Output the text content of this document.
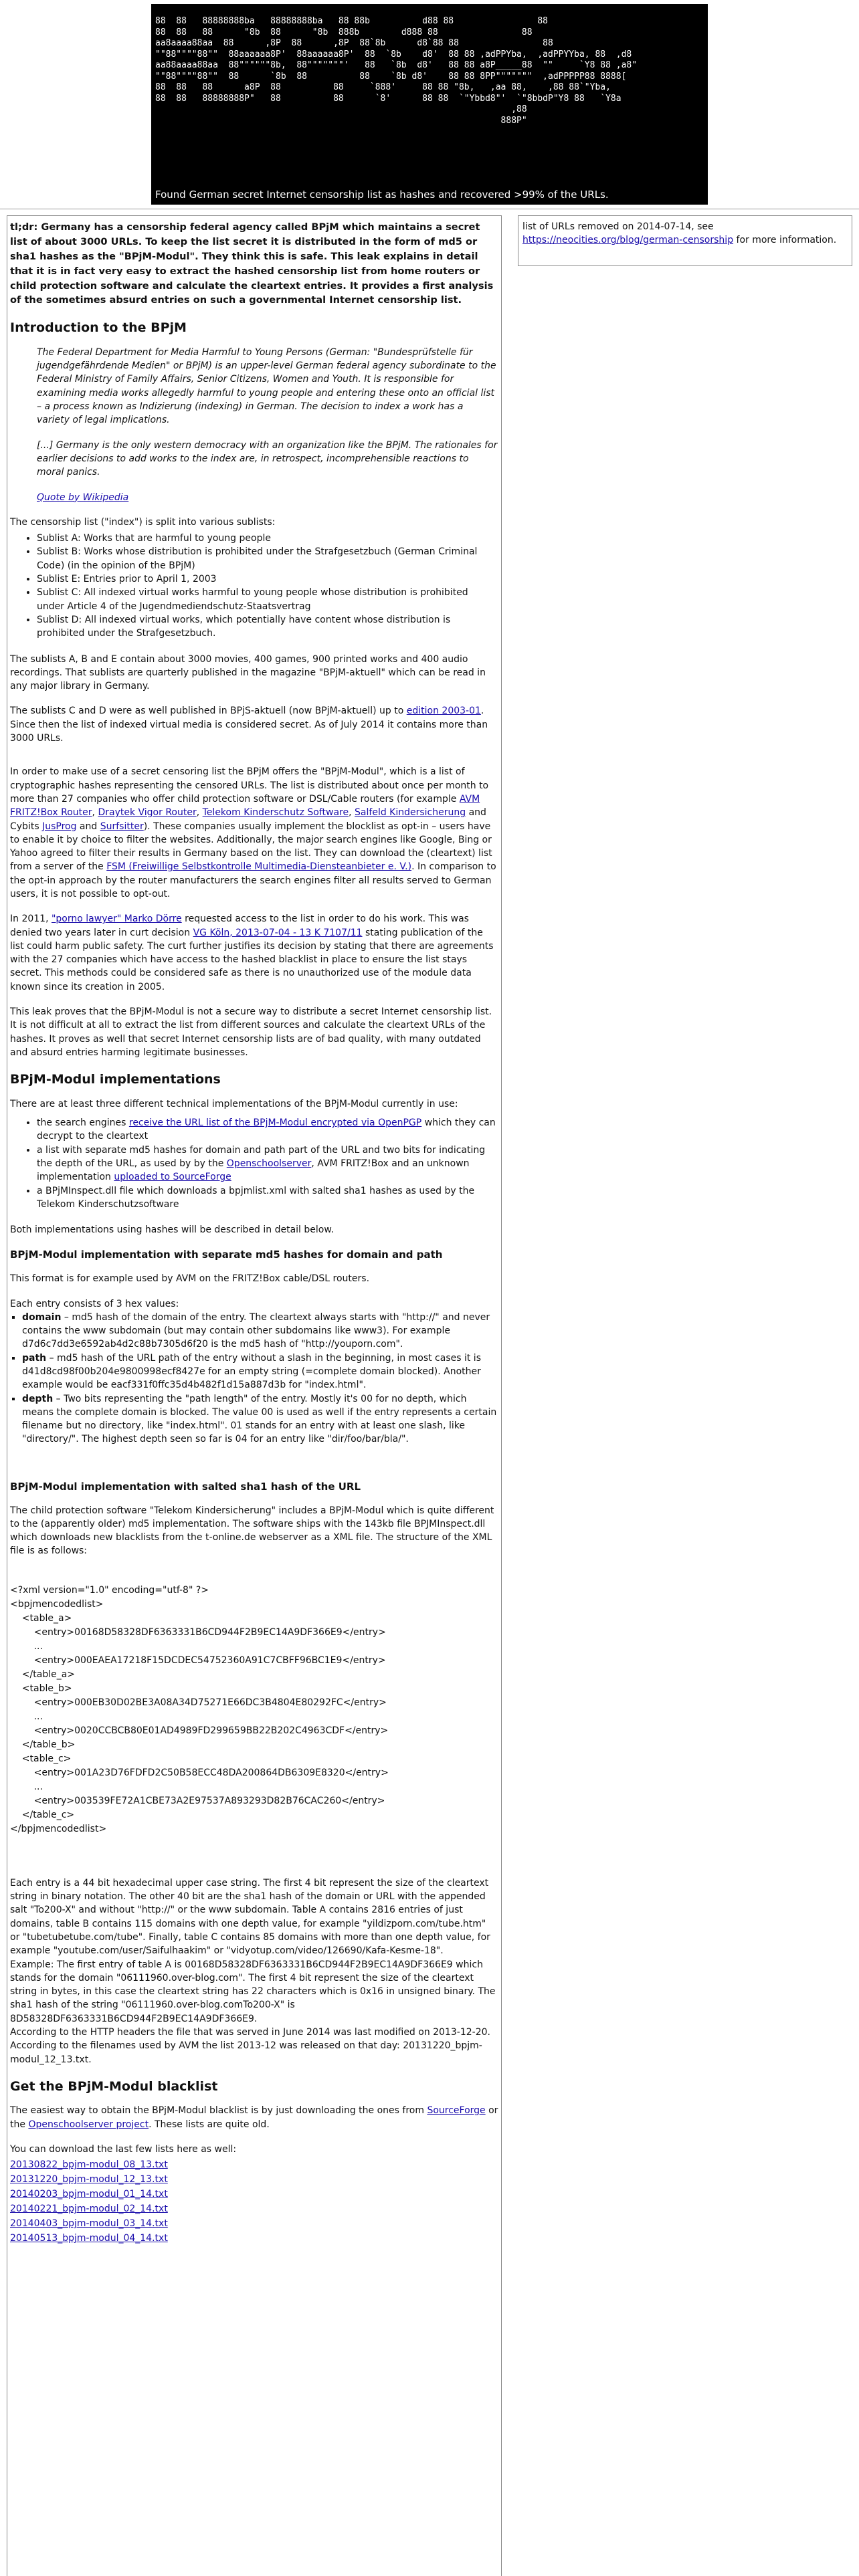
88  88   88888888ba   88888888ba   88 88b          d88 88                88
88  88   88      "8b  88      "8b  888b        d888 88                88
aa8aaaa88aa  88      ,8P  88      ,8P  88`8b      d8`88 88                88
""88""""88""  88aaaaaa8P'  88aaaaaa8P'  88  `8b    d8'  88 88 ,adPPYba,  ,adPPYYba, 88  ,d8
aa88aaaa88aa  88""""""8b,  88"""""""'   88   `8b  d8'   88 88 a8P_____88  ""     `Y8 88 ,a8"
""88""""88""  88      `8b  88          88    `8b d8'    88 88 8PP"""""""  ,adPPPPP88 8888[
88  88   88      a8P  88          88     `888'     88 88 "8b,   ,aa 88,    ,88 88`"Yba,
88  88   88888888P"   88          88      `8'      88 88  `"Ybbd8"'  `"8bbdP"Y8 88   `Y8a
,88
888P"
Found German secret Internet censorship list as hashes and recovered >99% of the URLs.
list of URLs removed on 2014-07-14, see
https://neocities.org/blog/german-censorship for more information.

tl;dr: Germany has a censorship federal agency called BPjM which maintains a secret list of about 3000 URLs. To keep the list secret it is distributed in the form of md5 or sha1 hashes as the "BPjM-Modul". They think this is safe. This leak explains in detail that it is in fact very easy to extract the hashed censorship list from home routers or child protection software and calculate the cleartext entries. It provides a first analysis of the sometimes absurd entries on such a governmental Internet censorship list.

Introduction to the BPjM

The Federal Department for Media Harmful to Young Persons (German: "Bundesprüfstelle für jugendgefährdende Medien" or BPjM) is an upper-level German federal agency subordinate to the Federal Ministry of Family Affairs, Senior Citizens, Women and Youth. It is responsible for examining media works allegedly harmful to young people and entering these onto an official list – a process known as Indizierung (indexing) in German. The decision to index a work has a variety of legal implications.

[...] Germany is the only western democracy with an organization like the BPjM. The rationales for earlier decisions to add works to the index are, in retrospect, incomprehensible reactions to moral panics.

Quote by Wikipedia

The censorship list ("index") is split into various sublists:

• Sublist A: Works that are harmful to young people
• Sublist B: Works whose distribution is prohibited under the Strafgesetzbuch (German Criminal Code) (in the opinion of the BPjM)
• Sublist E: Entries prior to April 1, 2003
• Sublist C: All indexed virtual works harmful to young people whose distribution is prohibited under Article 4 of the Jugendmediendschutz-Staatsvertrag
• Sublist D: All indexed virtual works, which potentially have content whose distribution is prohibited under the Strafgesetzbuch.

The sublists A, B and E contain about 3000 movies, 400 games, 900 printed works and 400 audio recordings. That sublists are quarterly published in the magazine "BPjM-aktuell" which can be read in any major library in Germany.

The sublists C and D were as well published in BPjS-aktuell (now BPjM-aktuell) up to edition 2003-01.

Since then the list of indexed virtual media is considered secret. As of July 2014 it contains more than 3000 URLs.

In order to make use of a secret censoring list the BPjM offers the "BPjM-Modul", which is a list of cryptographic hashes representing the censored URLs. The list is distributed about once per month to more than 27 companies who offer child protection software or DSL/Cable routers (for example AVM FRITZ!Box Router, Draytek Vigor Router, Telekom Kinderschutz Software, Salfeld Kindersicherung and Cybits JusProg and Surfsitter). These companies usually implement the blocklist as opt-in – users have to enable it by choice to filter the websites. Additionally, the major search engines like Google, Bing or Yahoo agreed to filter their results in Germany based on the list. They can download the (cleartext) list from a server of the FSM (Freiwillige Selbstkontrolle Multimedia-Diensteanbieter e. V.). In comparison to the opt-in approach by the router manufacturers the search engines filter all results served to German users, it is not possible to opt-out.

In 2011, "porno lawyer" Marko Dörre requested access to the list in order to do his work. This was denied two years later in curt decision VG Köln, 2013-07-04 - 13 K 7107/11 stating publication of the list could harm public safety. The curt further justifies its decision by stating that there are agreements with the 27 companies which have access to the hashed blacklist in place to ensure the list stays secret. This methods could be considered safe as there is no unauthorized use of the module data known since its creation in 2005.

This leak proves that the BPjM-Modul is not a secure way to distribute a secret Internet censorship list. It is not difficult at all to extract the list from different sources and calculate the cleartext URLs of the hashes. It proves as well that secret Internet censorship lists are of bad quality, with many outdated and absurd entries harming legitimate businesses.

BPjM-Modul implementations

There are at least three different technical implementations of the BPjM-Modul currently in use:

• the search engines receive the URL list of the BPjM-Modul encrypted via OpenPGP which they can decrypt to the cleartext
• a list with separate md5 hashes for domain and path part of the URL and two bits for indicating the depth of the URL, as used by by the Openschoolserver, AVM FRITZ!Box and an unknown implementation uploaded to SourceForge
• a BPjMInspect.dll file which downloads a bpjmlist.xml with salted sha1 hashes as used by the Telekom Kinderschutzsoftware

Both implementations using hashes will be described in detail below.

BPjM-Modul implementation with separate md5 hashes for domain and path

This format is for example used by AVM on the FRITZ!Box cable/DSL routers.

Each entry consists of 3 hex values:

▪ domain – md5 hash of the domain of the entry. The cleartext always starts with "http://" and never contains the www subdomain (but may contain other subdomains like www3). For example d7d6c7dd3e6592ab4d2c88b7305d6f20 is the md5 hash of "http://youporn.com".
▪ path – md5 hash of the URL path of the entry without a slash in the beginning, in most cases it is d41d8cd98f00b204e9800998ecf8427e for an empty string (=complete domain blocked). Another example would be eacf331f0ffc35d4b482f1d15a887d3b for "index.html".
▪ depth – Two bits representing the "path length" of the entry. Mostly it's 00 for no depth, which means the complete domain is blocked. The value 00 is used as well if the entry represents a certain filename but no directory, like "index.html". 01 stands for an entry with at least one slash, like "directory/". The highest depth seen so far is 04 for an entry like "dir/foo/bar/bla/".
BPjM-Modul implementation with salted sha1 hash of the URL

The child protection software "Telekom Kindersicherung" includes a BPjM-Modul which is quite different to the (apparently older) md5 implementation. The software ships with the 143kb file BPJMInspect.dll which downloads new blacklists from the t-online.de webserver as a XML file. The structure of the XML file is as follows:

<?xml version="1.0" encoding="utf-8" ?>
<bpjmencodedlist>
<table_a>
<entry>00168D58328DF6363331B6CD944F2B9EC14A9DF366E9</entry>
...
<entry>000EAEA17218F15DCDEC54752360A91C7CBFF96BC1E9</entry>
</table_a>
<table_b>
<entry>000EB30D02BE3A08A34D75271E66DC3B4804E80292FC</entry>
...
<entry>0020CCBCB80E01AD4989FD299659BB22B202C4963CDF</entry>
</table_b>
<table_c>
<entry>001A23D76FDFD2C50B58ECC48DA200864DB6309E8320</entry>
...
<entry>003539FE72A1CBE73A2E97537A893293D82B76CAC260</entry>
</table_c>
</bpjmencodedlist>

Each entry is a 44 bit hexadecimal upper case string. The first 4 bit represent the size of the cleartext string in binary notation. The other 40 bit are the sha1 hash of the domain or URL with the appended salt "To200-X" and without "http://" or the www subdomain. Table A contains 2816 entries of just domains, table B contains 115 domains with one depth value, for example "yildizporn.com/tube.htm" or "tubetubetube.com/tube". Finally, table C contains 85 domains with more than one depth value, for example "youtube.com/user/Saifulhaakim" or "vidyotup.com/video/126690/Kafa-Kesme-18".

Example: The first entry of table A is 00168D58328DF6363331B6CD944F2B9EC14A9DF366E9 which stands for the domain "06111960.over-blog.com". The first 4 bit represent the size of the cleartext string in bytes, in this case the cleartext string has 22 characters which is 0x16 in unsigned binary. The sha1 hash of the string "06111960.over-blog.comTo200-X" is 8D58328DF6363331B6CD944F2B9EC14A9DF366E9.

According to the HTTP headers the file that was served in June 2014 was last modified on 2013-12-20. According to the filenames used by AVM the list 2013-12 was released on that day: 20131220_bpjm-modul_12_13.txt.

Get the BPjM-Modul blacklist

The easiest way to obtain the BPjM-Modul blacklist is by just downloading the ones from SourceForge or the Openschoolserver project. These lists are quite old.

You can download the last few lists here as well:

20130822_bpjm-modul_08_13.txt
20131220_bpjm-modul_12_13.txt
20140203_bpjm-modul_01_14.txt
20140221_bpjm-modul_02_14.txt
20140403_bpjm-modul_03_14.txt
20140513_bpjm-modul_04_14.txt
